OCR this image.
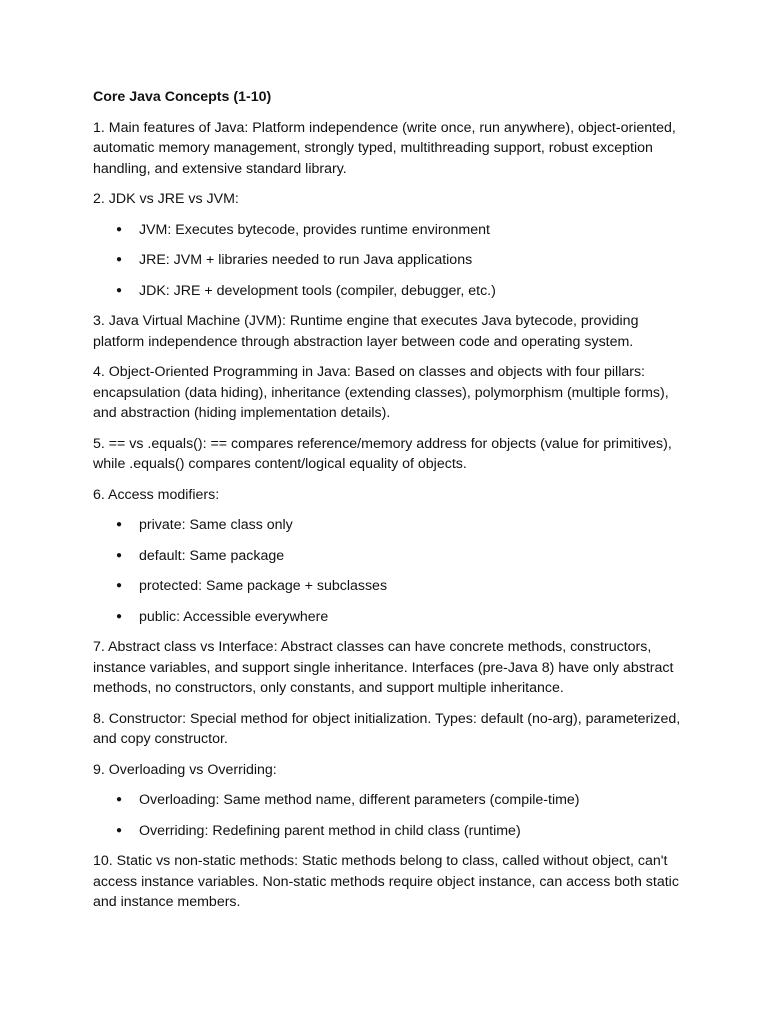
Core Java Concepts (1-10)

1. Main features of Java: Platform independence (write once, run anywhere), object-oriented, automatic memory management, strongly typed, multithreading support, robust exception handling, and extensive standard library.

2. JDK vs JRE vs JVM:

● JVM: Executes bytecode, provides runtime environment
● JRE: JVM + libraries needed to run Java applications
● JDK: JRE + development tools (compiler, debugger, etc.)

3. Java Virtual Machine (JVM): Runtime engine that executes Java bytecode, providing platform independence through abstraction layer between code and operating system.

4. Object-Oriented Programming in Java: Based on classes and objects with four pillars: encapsulation (data hiding), inheritance (extending classes), polymorphism (multiple forms), and abstraction (hiding implementation details).

5. == vs .equals(): == compares reference/memory address for objects (value for primitives), while .equals() compares content/logical equality of objects.

6. Access modifiers:

● private: Same class only
● default: Same package
● protected: Same package + subclasses
● public: Accessible everywhere

7. Abstract class vs Interface: Abstract classes can have concrete methods, constructors, instance variables, and support single inheritance. Interfaces (pre-Java 8) have only abstract methods, no constructors, only constants, and support multiple inheritance.

8. Constructor: Special method for object initialization. Types: default (no-arg), parameterized, and copy constructor.

9. Overloading vs Overriding:

● Overloading: Same method name, different parameters (compile-time)
● Overriding: Redefining parent method in child class (runtime)

10. Static vs non-static methods: Static methods belong to class, called without object, can't access instance variables. Non-static methods require object instance, can access both static and instance members.
